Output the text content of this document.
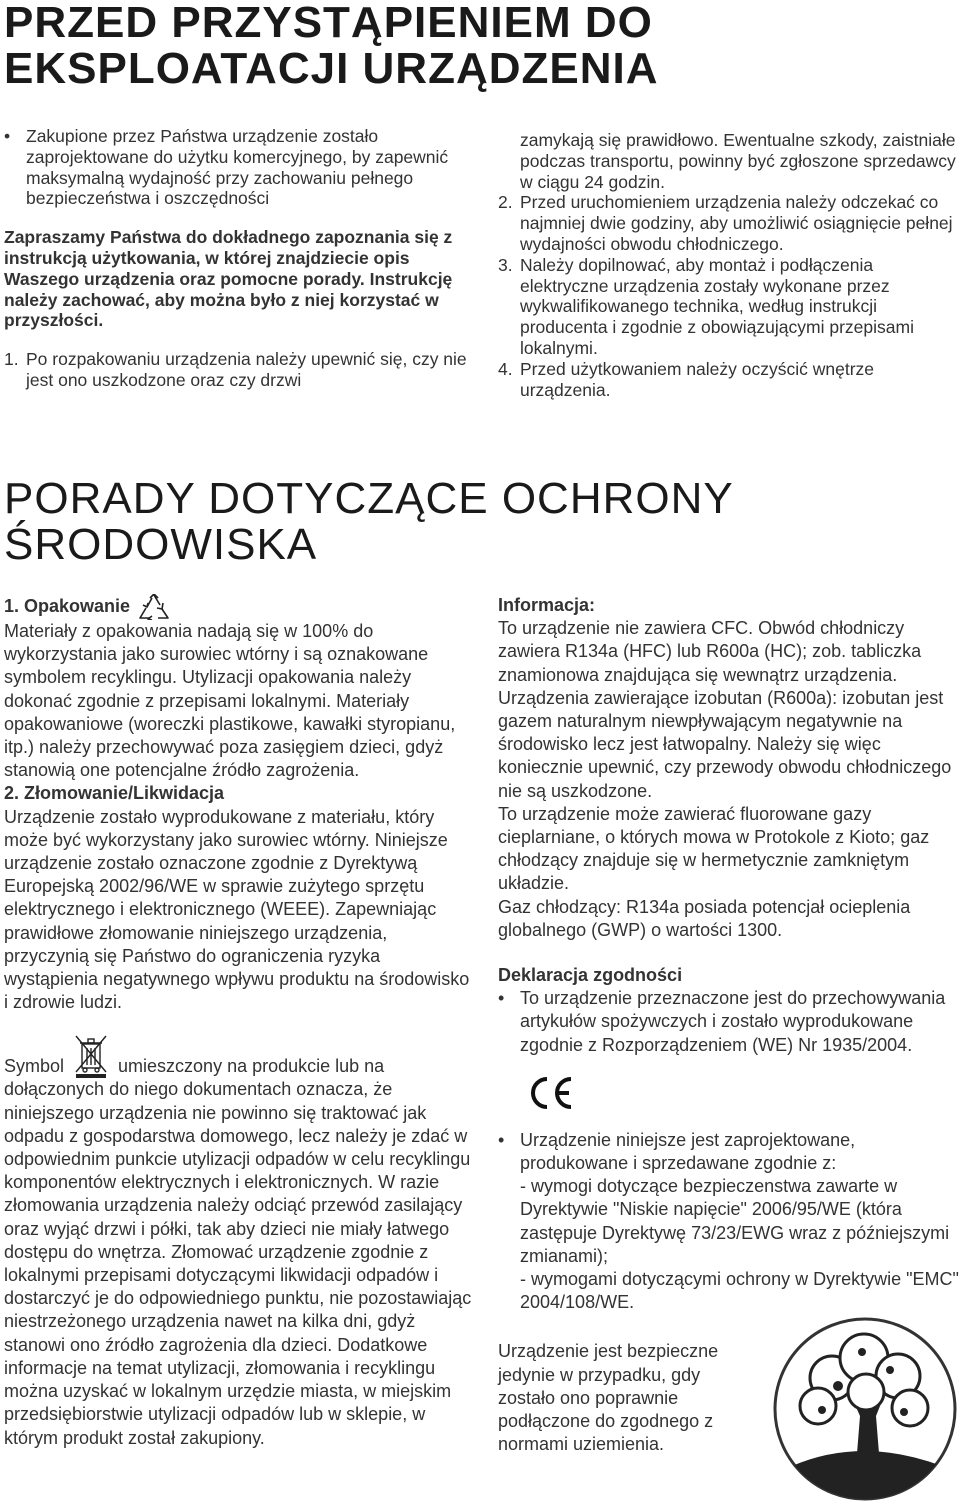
PRZED PRZYSTĄPIENIEM DO EKSPLOATACJI URZĄDZENIA

• Zakupione przez Państwa urządzenie zostało zaprojektowane do użytku komercyjnego, by zapewnić maksymalną wydajność przy zachowaniu pełnego bezpieczeństwa i oszczędności

Zapraszamy Państwa do dokładnego zapoznania się z instrukcją użytkowania, w której znajdziecie opis Waszego urządzenia oraz pomocne porady. Instrukcję należy zachować, aby można było z niej korzystać w przyszłości.

1. Po rozpakowaniu urządzenia należy upewnić się, czy nie jest ono uszkodzone oraz czy drzwi
zamykają się prawidłowo. Ewentualne szkody, zaistniałe podczas transportu, powinny być zgłoszone sprzedawcy w ciągu 24 godzin.
2. Przed uruchomieniem urządzenia należy odczekać co najmniej dwie godziny, aby umożliwić osiągnięcie pełnej wydajności obwodu chłodniczego.
3. Należy dopilnować, aby montaż i podłączenia elektryczne urządzenia zostały wykonane przez wykwalifikowanego technika, według instrukcji producenta i zgodnie z obowiązującymi przepisami lokalnymi.
4. Przed użytkowaniem należy oczyścić wnętrze urządzenia.
PORADY DOTYCZĄCE OCHRONY ŚRODOWISKA
1. Opakowanie

Materiały z opakowania nadają się w 100% do wykorzystania jako surowiec wtórny i są oznakowane symbolem recyklingu. Utylizacji opakowania należy dokonać zgodnie z przepisami lokalnymi. Materiały opakowaniowe (woreczki plastikowe, kawałki styropianu, itp.) należy przechowywać poza zasięgiem dzieci, gdyż stanowią one potencjalne źródło zagrożenia.

2. Złomowanie/Likwidacja

Urządzenie zostało wyprodukowane z materiału, który może być wykorzystany jako surowiec wtórny. Niniejsze urządzenie zostało oznaczone zgodnie z Dyrektywą Europejską 2002/96/WE w sprawie zużytego sprzętu elektrycznego i elektronicznego (WEEE). Zapewniając prawidłowe złomowanie niniejszego urządzenia, przyczynią się Państwo do ograniczenia ryzyka wystąpienia negatywnego wpływu produktu na środowisko i zdrowie ludzi.

Symbol	umieszczony na produkcie lub na

dołączonych do niego dokumentach oznacza, że niniejszego urządzenia nie powinno się traktować jak odpadu z gospodarstwa domowego, lecz należy je zdać w odpowiednim punkcie utylizacji odpadów w celu recyklingu komponentów elektrycznych i elektronicznych. W razie złomowania urządzenia należy odciąć przewód zasilający oraz wyjąć drzwi i półki, tak aby dzieci nie miały łatwego dostępu do wnętrza. Złomować urządzenie zgodnie z lokalnymi przepisami dotyczącymi likwidacji odpadów i dostarczyć je do odpowiedniego punktu, nie pozostawiając niestrzeżonego urządzenia nawet na kilka dni, gdyż stanowi ono źródło zagrożenia dla dzieci. Dodatkowe informacje na temat utylizacji, złomowania i recyklingu można uzyskać w lokalnym urzędzie miasta, w miejskim przedsiębiorstwie utylizacji odpadów lub w sklepie, w którym produkt został zakupiony.

Informacja:

To urządzenie nie zawiera CFC. Obwód chłodniczy zawiera R134a (HFC) lub R600a (HC); zob. tabliczka znamionowa znajdująca się wewnątrz urządzenia.

Urządzenia zawierające izobutan (R600a): izobutan jest gazem naturalnym niewpływającym negatywnie na środowisko lecz jest łatwopalny. Należy się więc koniecznie upewnić, czy przewody obwodu chłodniczego nie są uszkodzone.

To urządzenie może zawierać fluorowane gazy cieplarniane, o których mowa w Protokole z Kioto; gaz chłodzący znajduje się w hermetycznie zamkniętym układzie.

Gaz chłodzący: R134a posiada potencjał ocieplenia globalnego (GWP) o wartości 1300.

Deklaracja zgodności

• To urządzenie przeznaczone jest do przechowywania artykułów spożywczych i zostało wyprodukowane zgodnie z Rozporządzeniem (WE) Nr 1935/2004.

• Urządzenie niniejsze jest zaprojektowane, produkowane i sprzedawane zgodnie z:

- wymogi dotyczące bezpieczenstwa zawarte w Dyrektywie "Niskie napięcie" 2006/95/WE (która zastępuje Dyrektywę 73/23/EWG wraz z późniejszymi zmianami);

- wymogami dotyczącymi ochrony w Dyrektywie "EMC" 2004/108/WE.

Urządzenie jest bezpieczne jedynie w przypadku, gdy zostało ono poprawnie podłączone do zgodnego z normami uziemienia.
